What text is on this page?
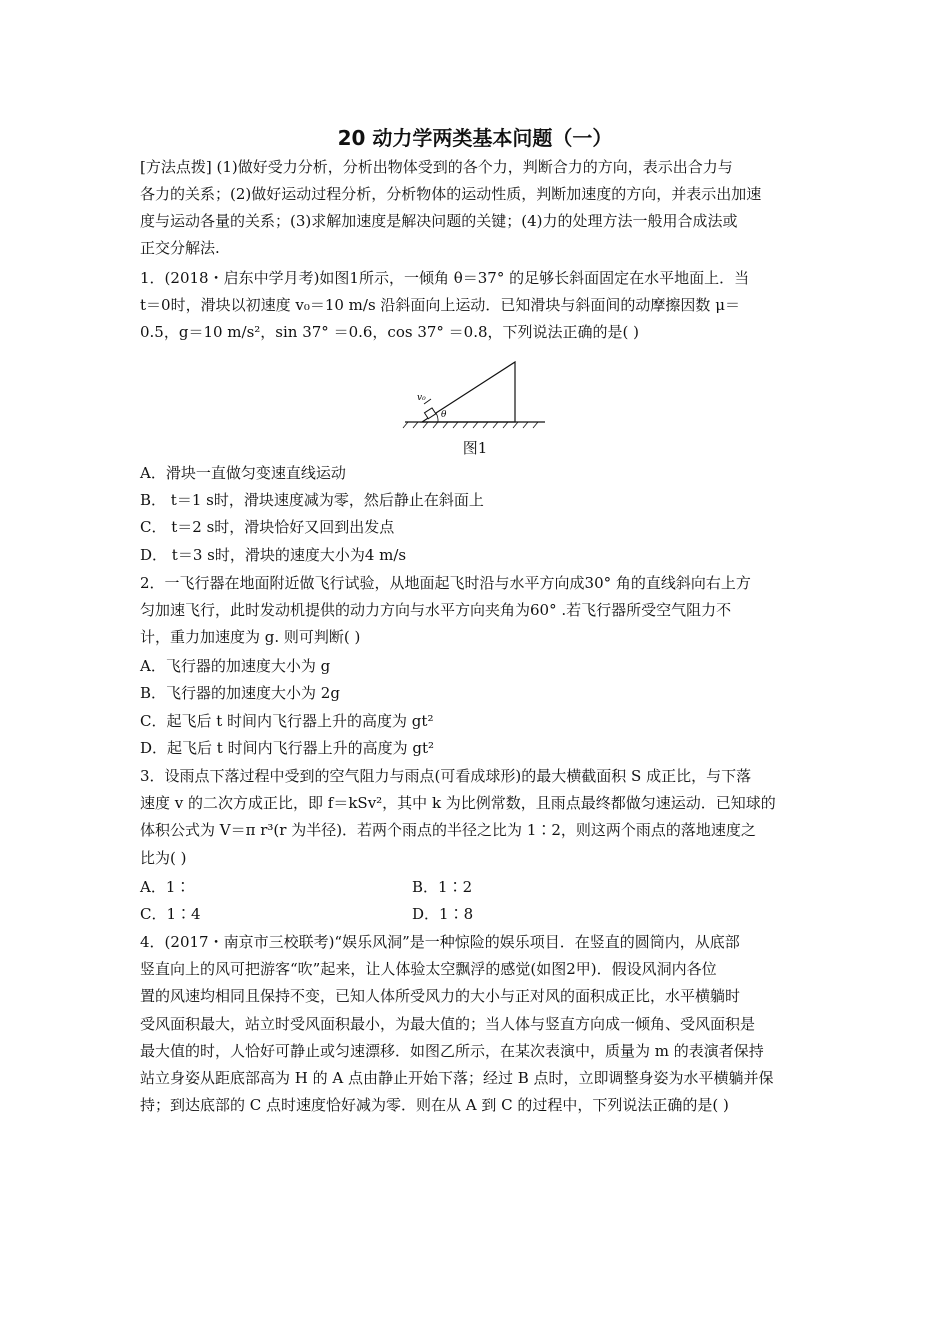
20 动力学两类基本问题（一）
[方法点拨] (1)做好受力分析，分析出物体受到的各个力，判断合力的方向，表示出合力与
各力的关系；(2)做好运动过程分析，分析物体的运动性质，判断加速度的方向，并表示出加速
度与运动各量的关系；(3)求解加速度是解决问题的关键；(4)力的处理方法一般用合成法或
正交分解法.
1．(2018・启东中学月考)如图1所示，一倾角 θ＝37° 的足够长斜面固定在水平地面上．当
t＝0时，滑块以初速度 v₀＝10 m/s 沿斜面向上运动．已知滑块与斜面间的动摩擦因数 μ＝
0.5，g＝10 m/s²，sin 37° ＝0.6，cos 37° ＝0.8，下列说法正确的是( )
v₀
θ
图1
A．滑块一直做匀变速直线运动
B． t＝1 s时，滑块速度减为零，然后静止在斜面上
C． t＝2 s时，滑块恰好又回到出发点
D． t＝3 s时，滑块的速度大小为4 m/s
2．一飞行器在地面附近做飞行试验，从地面起飞时沿与水平方向成30° 角的直线斜向右上方
匀加速飞行，此时发动机提供的动力方向与水平方向夹角为60° .若飞行器所受空气阻力不
计，重力加速度为 g. 则可判断( )
A．飞行器的加速度大小为 g
B．飞行器的加速度大小为 2g
C．起飞后 t 时间内飞行器上升的高度为 gt²
D．起飞后 t 时间内飞行器上升的高度为 gt²
3．设雨点下落过程中受到的空气阻力与雨点(可看成球形)的最大横截面积 S 成正比，与下落
速度 v 的二次方成正比，即 f＝kSv²，其中 k 为比例常数，且雨点最终都做匀速运动．已知球的
体积公式为 V＝π r³(r 为半径)．若两个雨点的半径之比为 1∶2，则这两个雨点的落地速度之
比为( )
A．1∶	B．1∶2
C．1∶4	D．1∶8
4．(2017・南京市三校联考)“娱乐风洞”是一种惊险的娱乐项目．在竖直的圆筒内，从底部
竖直向上的风可把游客“吹”起来，让人体验太空飘浮的感觉(如图2甲)．假设风洞内各位
置的风速均相同且保持不变，已知人体所受风力的大小与正对风的面积成正比，水平横躺时
受风面积最大，站立时受风面积最小，为最大值的；当人体与竖直方向成一倾角、受风面积是
最大值的时，人恰好可静止或匀速漂移．如图乙所示，在某次表演中，质量为 m 的表演者保持
站立身姿从距底部高为 H 的 A 点由静止开始下落；经过 B 点时，立即调整身姿为水平横躺并保
持；到达底部的 C 点时速度恰好减为零．则在从 A 到 C 的过程中，下列说法正确的是( )
